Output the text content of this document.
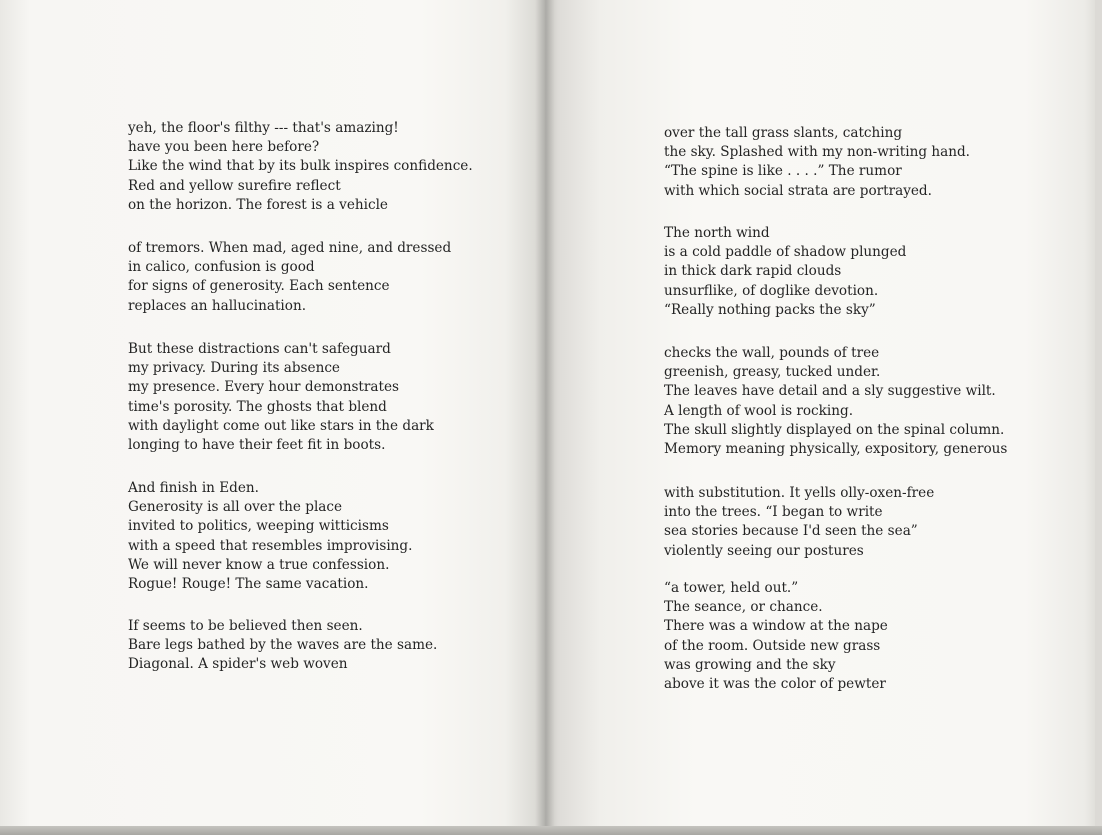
yeh, the floor's filthy --- that's amazing!
have you been here before?
Like the wind that by its bulk inspires confidence.
Red and yellow surefire reflect
on the horizon. The forest is a vehicle
of tremors. When mad, aged nine, and dressed
in calico, confusion is good
for signs of generosity. Each sentence
replaces an hallucination.
But these distractions can't safeguard
my privacy. During its absence
my presence. Every hour demonstrates
time's porosity. The ghosts that blend
with daylight come out like stars in the dark
longing to have their feet fit in boots.
And finish in Eden.
Generosity is all over the place
invited to politics, weeping witticisms
with a speed that resembles improvising.
We will never know a true confession.
Rogue! Rouge! The same vacation.
If seems to be believed then seen.
Bare legs bathed by the waves are the same.
Diagonal. A spider's web woven
over the tall grass slants, catching
the sky. Splashed with my non-writing hand.
“The spine is like . . . .” The rumor
with which social strata are portrayed.
The north wind
is a cold paddle of shadow plunged
in thick dark rapid clouds
unsurflike, of doglike devotion.
“Really nothing packs the sky”
checks the wall, pounds of tree
greenish, greasy, tucked under.
The leaves have detail and a sly suggestive wilt.
A length of wool is rocking.
The skull slightly displayed on the spinal column.
Memory meaning physically, expository, generous
with substitution. It yells olly-oxen-free
into the trees. “I began to write
sea stories because I'd seen the sea”
violently seeing our postures
“a tower, held out.”
The seance, or chance.
There was a window at the nape
of the room. Outside new grass
was growing and the sky
above it was the color of pewter
